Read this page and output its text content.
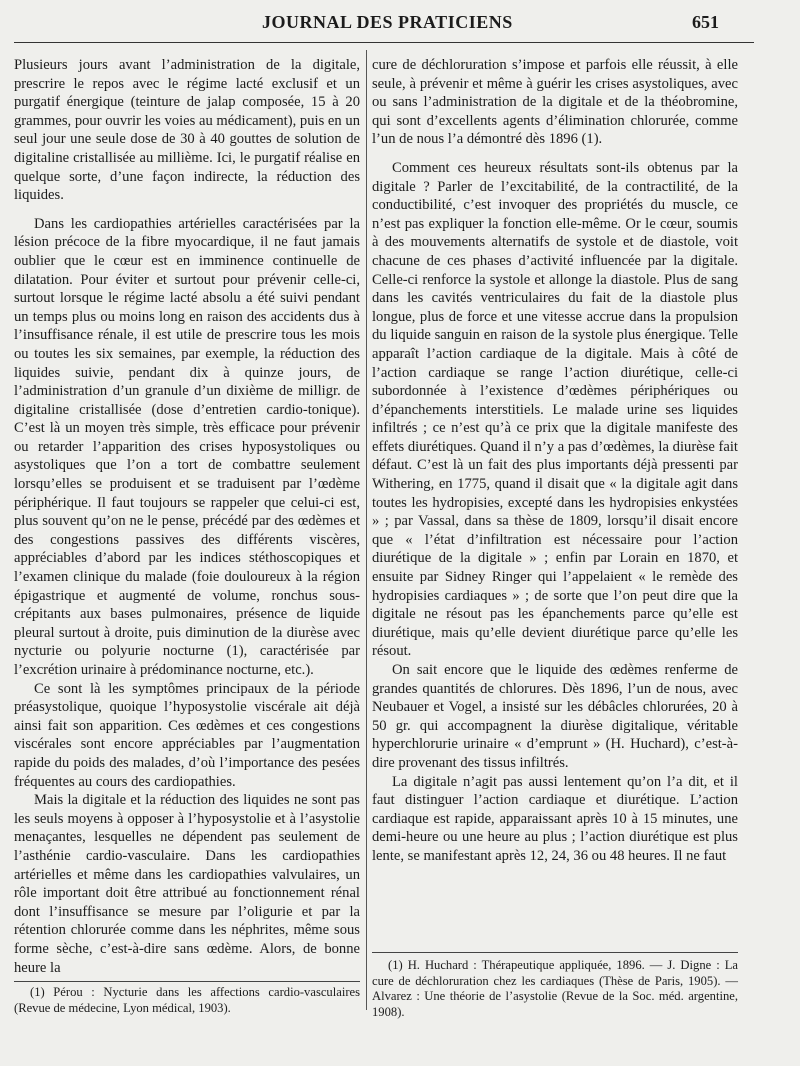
JOURNAL DES PRATICIENS	651

Plusieurs jours avant l’administration de la digitale, prescrire le repos avec le régime lacté exclusif et un purgatif énergique (teinture de jalap composée, 15 à 20 grammes, pour ouvrir les voies au médicament), puis en un seul jour une seule dose de 30 à 40 gouttes de solution de digitaline cristallisée au millième. Ici, le purgatif réalise en quelque sorte, d’une façon indirecte, la réduction des liquides.

Dans les cardiopathies artérielles caractérisées par la lésion précoce de la fibre myocardique, il ne faut jamais oublier que le cœur est en imminence continuelle de dilatation. Pour éviter et surtout pour prévenir celle-ci, surtout lorsque le régime lacté absolu a été suivi pendant un temps plus ou moins long en raison des accidents dus à l’insuffisance rénale, il est utile de prescrire tous les mois ou toutes les six semaines, par exemple, la réduction des liquides suivie, pendant dix à quinze jours, de l’administration d’un granule d’un dixième de milligr. de digitaline cristallisée (dose d’entretien cardio-tonique). C’est là un moyen très simple, très efficace pour prévenir ou retarder l’apparition des crises hyposystoliques ou asystoliques que l’on a tort de combattre seulement lorsqu’elles se produisent et se traduisent par l’œdème périphérique. Il faut toujours se rappeler que celui-ci est, plus souvent qu’on ne le pense, précédé par des œdèmes et des congestions passives des différents viscères, appréciables d’abord par les indices stéthoscopiques et l’examen clinique du malade (foie douloureux à la région épigastrique et augmenté de volume, ronchus sous-crépitants aux bases pulmonaires, présence de liquide pleural surtout à droite, puis diminution de la diurèse avec nycturie ou polyurie nocturne (1), caractérisée par l’excrétion urinaire à prédominance nocturne, etc.).

Ce sont là les symptômes principaux de la période préasystolique, quoique l’hyposystolie viscérale ait déjà ainsi fait son apparition. Ces œdèmes et ces congestions viscérales sont encore appréciables par l’augmentation rapide du poids des malades, d’où l’importance des pesées fréquentes au cours des cardiopathies.

Mais la digitale et la réduction des liquides ne sont pas les seuls moyens à opposer à l’hyposystolie et à l’asystolie menaçantes, lesquelles ne dépendent pas seulement de l’asthénie cardio-vasculaire. Dans les cardiopathies artérielles et même dans les cardiopathies valvulaires, un rôle important doit être attribué au fonctionnement rénal dont l’insuffisance se mesure par l’oligurie et par la rétention chlorurée comme dans les néphrites, même sous forme sèche, c’est-à-dire sans œdème. Alors, de bonne heure la

(1) Pérou : Nycturie dans les affections cardio-vasculaires (Revue de médecine, Lyon médical, 1903).

cure de déchloruration s’impose et parfois elle réussit, à elle seule, à prévenir et même à guérir les crises asystoliques, avec ou sans l’administration de la digitale et de la théobromine, qui sont d’excellents agents d’élimination chlorurée, comme l’un de nous l’a démontré dès 1896 (1).

Comment ces heureux résultats sont-ils obtenus par la digitale ? Parler de l’excitabilité, de la contractilité, de la conductibilité, c’est invoquer des propriétés du muscle, ce n’est pas expliquer la fonction elle-même. Or le cœur, soumis à des mouvements alternatifs de systole et de diastole, voit chacune de ces phases d’activité influencée par la digitale. Celle-ci renforce la systole et allonge la diastole. Plus de sang dans les cavités ventriculaires du fait de la diastole plus longue, plus de force et une vitesse accrue dans la propulsion du liquide sanguin en raison de la systole plus énergique. Telle apparaît l’action cardiaque de la digitale. Mais à côté de l’action cardiaque se range l’action diurétique, celle-ci subordonnée à l’existence d’œdèmes périphériques ou d’épanchements interstitiels. Le malade urine ses liquides infiltrés ; ce n’est qu’à ce prix que la digitale manifeste des effets diurétiques. Quand il n’y a pas d’œdèmes, la diurèse fait défaut. C’est là un fait des plus importants déjà pressenti par Withering, en 1775, quand il disait que « la digitale agit dans toutes les hydropisies, excepté dans les hydropisies enkystées » ; par Vassal, dans sa thèse de 1809, lorsqu’il disait encore que « l’état d’infiltration est nécessaire pour l’action diurétique de la digitale » ; enfin par Lorain en 1870, et ensuite par Sidney Ringer qui l’appelaient « le remède des hydropisies cardiaques » ; de sorte que l’on peut dire que la digitale ne résout pas les épanchements parce qu’elle est diurétique, mais qu’elle devient diurétique parce qu’elle les résout.

On sait encore que le liquide des œdèmes renferme de grandes quantités de chlorures. Dès 1896, l’un de nous, avec Neubauer et Vogel, a insisté sur les débâcles chlorurées, 20 à 50 gr. qui accompagnent la diurèse digitalique, véritable hyperchlorurie urinaire « d’emprunt » (H. Huchard), c’est-à-dire provenant des tissus infiltrés.

La digitale n’agit pas aussi lentement qu’on l’a dit, et il faut distinguer l’action cardiaque et diurétique. L’action cardiaque est rapide, apparaissant après 10 à 15 minutes, une demi-heure ou une heure au plus ; l’action diurétique est plus lente, se manifestant après 12, 24, 36 ou 48 heures. Il ne faut

(1) H. Huchard : Thérapeutique appliquée, 1896. — J. Digne : La cure de déchloruration chez les cardiaques (Thèse de Paris, 1905). — Alvarez : Une théorie de l’asystolie (Revue de la Soc. méd. argentine, 1908).
